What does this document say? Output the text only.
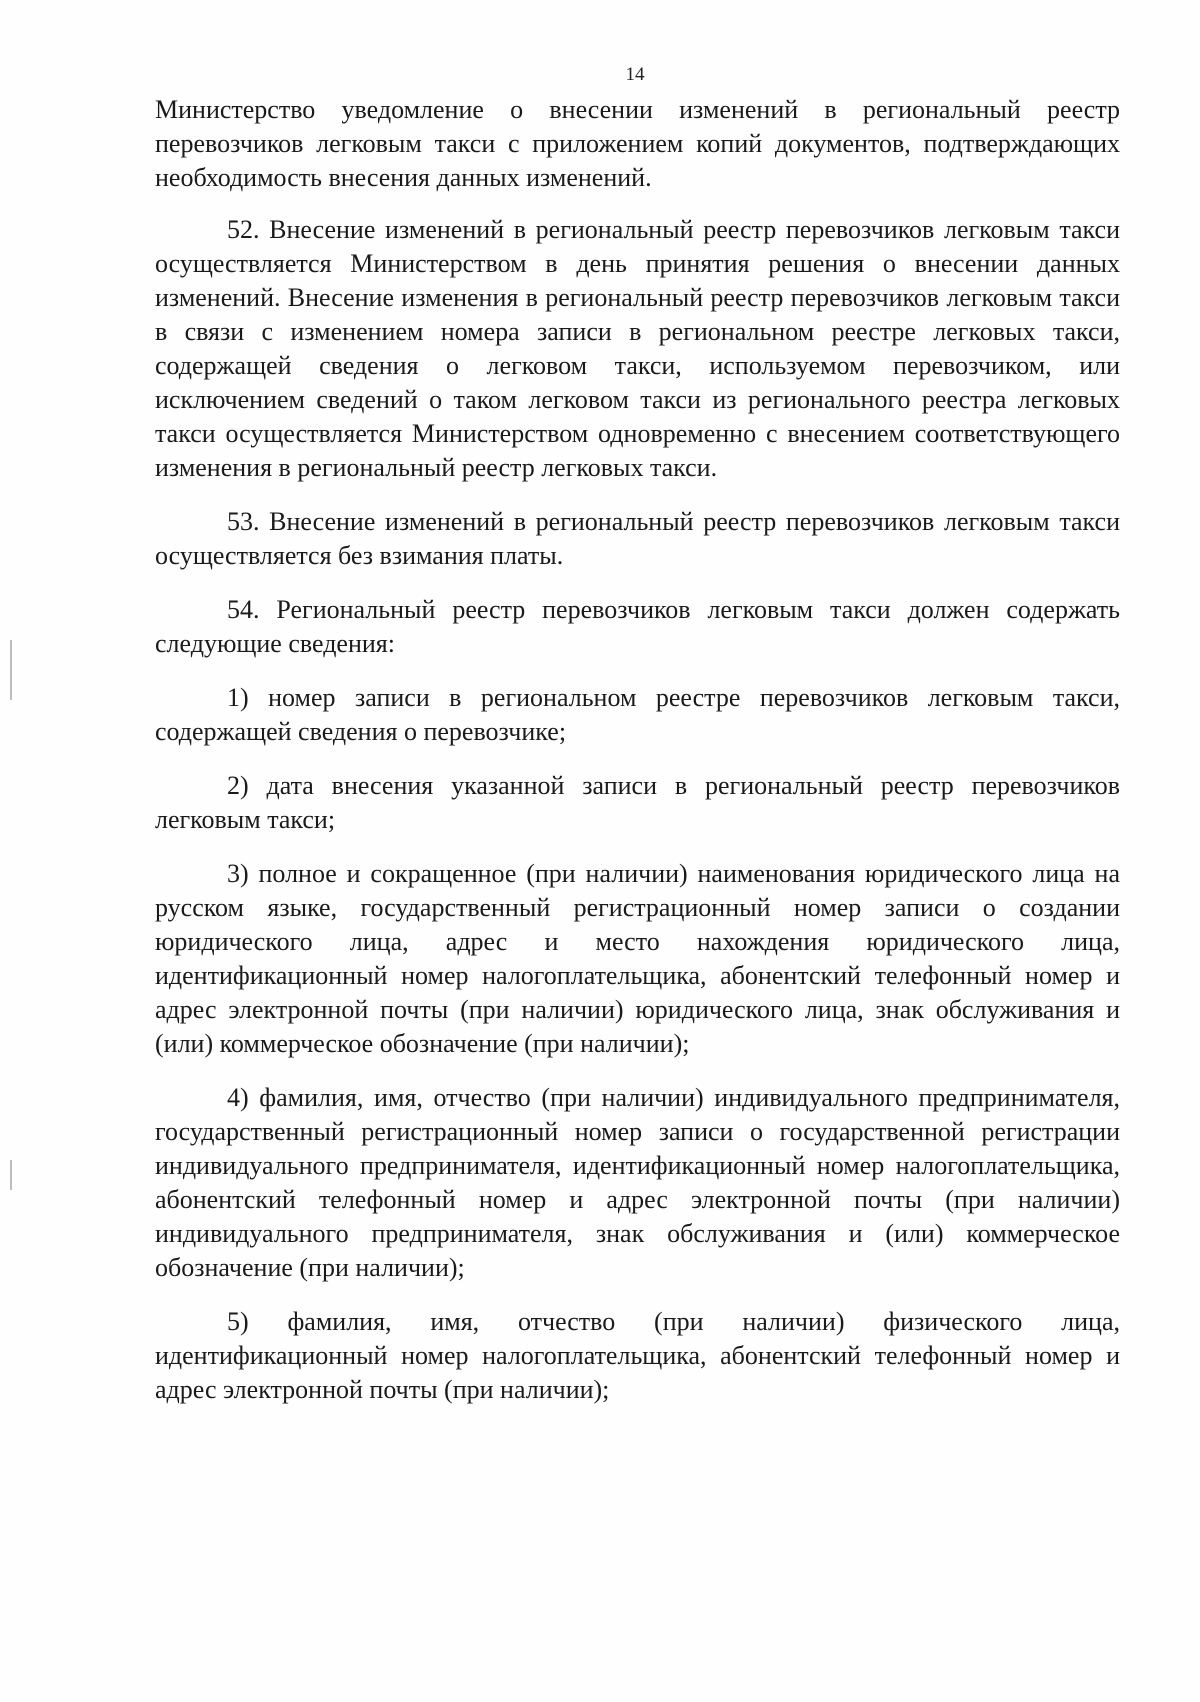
14

Министерство уведомление о внесении изменений в региональный реестр перевозчиков легковым такси с приложением копий документов, подтверждающих необходимость внесения данных изменений.

52. Внесение изменений в региональный реестр перевозчиков легковым такси осуществляется Министерством в день принятия решения о внесении данных изменений. Внесение изменения в региональный реестр перевозчиков легковым такси в связи с изменением номера записи в региональном реестре легковых такси, содержащей сведения о легковом такси, используемом перевозчиком, или исключением сведений о таком легковом такси из регионального реестра легковых такси осуществляется Министерством одновременно с внесением соответствующего изменения в региональный реестр легковых такси.

53. Внесение изменений в региональный реестр перевозчиков легковым такси осуществляется без взимания платы.

54. Региональный реестр перевозчиков легковым такси должен содержать следующие сведения:

1) номер записи в региональном реестре перевозчиков легковым такси, содержащей сведения о перевозчике;

2) дата внесения указанной записи в региональный реестр перевозчиков легковым такси;

3) полное и сокращенное (при наличии) наименования юридического лица на русском языке, государственный регистрационный номер записи о создании юридического лица, адрес и место нахождения юридического лица, идентификационный номер налогоплательщика, абонентский телефонный номер и адрес электронной почты (при наличии) юридического лица, знак обслуживания и (или) коммерческое обозначение (при наличии);

4) фамилия, имя, отчество (при наличии) индивидуального предпринимателя, государственный регистрационный номер записи о государственной регистрации индивидуального предпринимателя, идентификационный номер налогоплательщика, абонентский телефонный номер и адрес электронной почты (при наличии) индивидуального предпринимателя, знак обслуживания и (или) коммерческое обозначение (при наличии);

5) фамилия, имя, отчество (при наличии) физического лица, идентификационный номер налогоплательщика, абонентский телефонный номер и адрес электронной почты (при наличии);
